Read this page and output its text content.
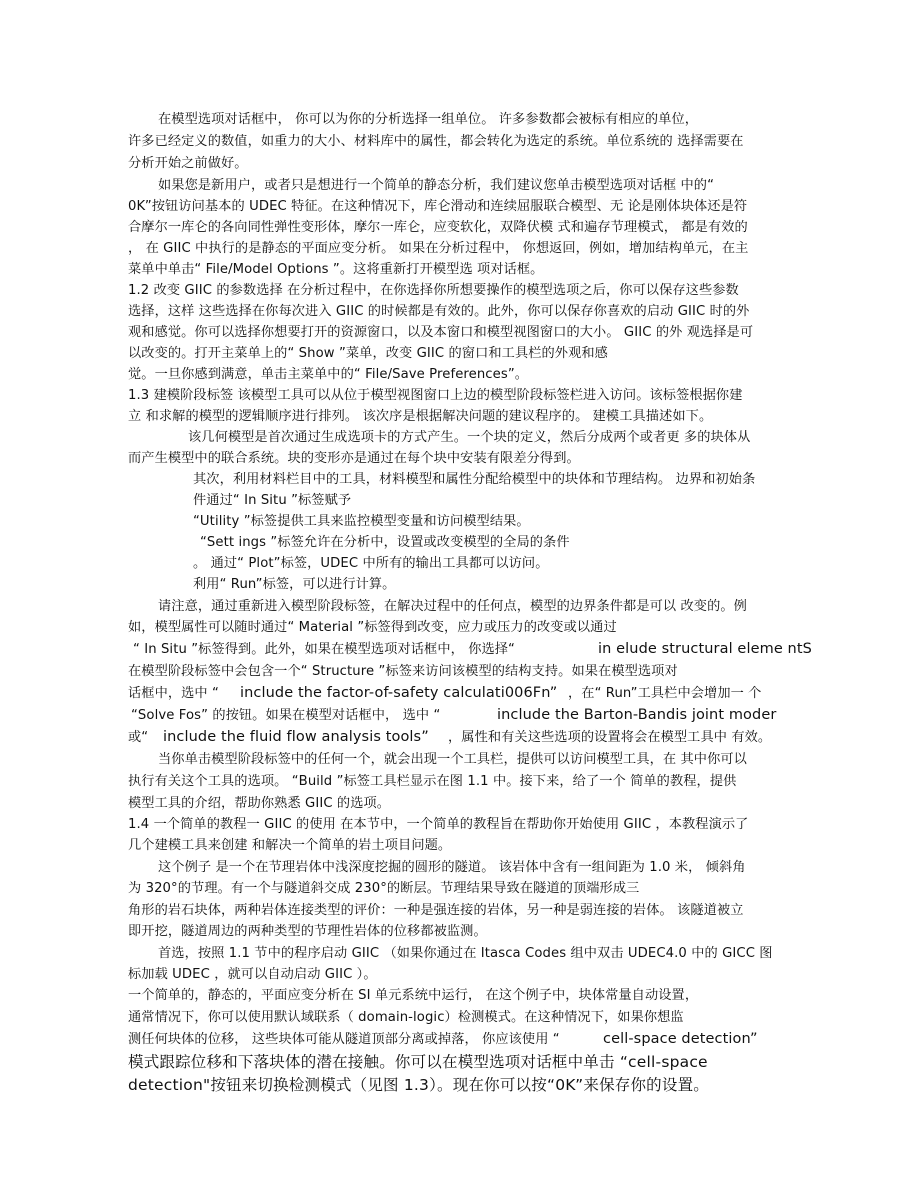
在模型选项对话框中， 你可以为你的分析选择一组单位。 许多参数都会被标有相应的单位，
许多已经定义的数值，如重力的大小、材料库中的属性，都会转化为选定的系统。单位系统的 选择需要在
分析开始之前做好。
如果您是新用户，或者只是想进行一个简单的静态分析，我们建议您单击模型选项对话框 中的“
0K”按钮访问基本的 UDEC 特征。在这种情况下，库仑滑动和连续屈服联合模型、无 论是刚体块体还是符
合摩尔一库仑的各向同性弹性变形体，摩尔一库仑，应变软化，双降伏模 式和遍存节理模式， 都是有效的
， 在 GIIC 中执行的是静态的平面应变分析。 如果在分析过程中， 你想返回，例如，增加结构单元，在主
菜单中单击“ File/Model Options ”。这将重新打开模型选 项对话框。
1.2 改变 GIIC 的参数选择 在分析过程中，在你选择你所想要操作的模型选项之后，你可以保存这些参数
选择，这样 这些选择在你每次进入 GIIC 的时候都是有效的。此外，你可以保存你喜欢的启动 GIIC 时的外
观和感觉。你可以选择你想要打开的资源窗口，以及本窗口和模型视图窗口的大小。 GIIC 的外 观选择是可
以改变的。打开主菜单上的“ Show ”菜单，改变 GIIC 的窗口和工具栏的外观和感
觉。一旦你感到满意，单击主菜单中的“ File/Save Preferences”。
1.3 建模阶段标签 该模型工具可以从位于模型视图窗口上边的模型阶段标签栏进入访问。该标签根据你建
立 和求解的模型的逻辑顺序进行排列。 该次序是根据解决问题的建议程序的。 建模工具描述如下。
该几何模型是首次通过生成选项卡的方式产生。一个块的定义，然后分成两个或者更 多的块体从
而产生模型中的联合系统。块的变形亦是通过在每个块中安装有限差分得到。
其次，利用材料栏目中的工具，材料模型和属性分配给模型中的块体和节理结构。 边界和初始条
件通过“ In Situ ”标签赋予
“Utility ”标签提供工具来监控模型变量和访问模型结果。
“Sett ings ”标签允许在分析中，设置或改变模型的全局的条件
。 通过“ Plot”标签，UDEC 中所有的输出工具都可以访问。
利用“ Run”标签，可以进行计算。
请注意，通过重新进入模型阶段标签，在解决过程中的任何点，模型的边界条件都是可以 改变的。例
如，模型属性可以随时通过“ Material ”标签得到改变，应力或压力的改变或以通过
“ In Situ ”标签得到。此外，如果在模型选项对话框中， 你选择“	in elude structural eleme ntS
在模型阶段标签中会包含一个“ Structure ”标签来访问该模型的结构支持。如果在模型选项对
话框中，选中 “ include the factor-of-safety calculati006Fn” ，在“ Run”工具栏中会增加一 个
“Solve Fos” 的按钮。如果在模型对话框中， 选中 “	include the Barton-Bandis joint moder
或“ include the fluid flow analysis tools” ，属性和有关这些选项的设置将会在模型工具中 有效。
当你单击模型阶段标签中的任何一个，就会出现一个工具栏，提供可以访问模型工具，在 其中你可以
执行有关这个工具的选项。 “Build ”标签工具栏显示在图 1.1 中。接下来，给了一个 简单的教程，提供
模型工具的介绍，帮助你熟悉 GIIC 的选项。
1.4 一个简单的教程一 GIIC 的使用 在本节中，一个简单的教程旨在帮助你开始使用 GIIC ，本教程演示了
几个建模工具来创建 和解决一个简单的岩土项目问题。
这个例子 是一个在节理岩体中浅深度挖掘的圆形的隧道。 该岩体中含有一组间距为 1.0 米， 倾斜角
为 320°的节理。有一个与隧道斜交成 230°的断层。节理结果导致在隧道的顶端形成三
角形的岩石块体，两种岩体连接类型的评价：一种是强连接的岩体，另一种是弱连接的岩体。 该隧道被立
即开挖，隧道周边的两种类型的节理性岩体的位移都被监测。
首选，按照 1.1 节中的程序启动 GIIC （如果你通过在 Itasca Codes 组中双击 UDEC4.0 中的 GICC 图
标加载 UDEC ，就可以自动启动 GIIC ）。
一个简单的，静态的，平面应变分析在 SI 单元系统中运行， 在这个例子中，块体常量自动设置，
通常情况下，你可以使用默认域联系（ domain-logic）检测模式。在这种情况下，如果你想监
测任何块体的位移， 这些块体可能从隧道顶部分离或掉落， 你应该使用 “	cell-space detection”
模式跟踪位移和下落块体的潜在接触。你可以在模型选项对话框中单击 “cell-space
detection"按钮来切换检测模式（见图 1.3）。现在你可以按“0K”来保存你的设置。
